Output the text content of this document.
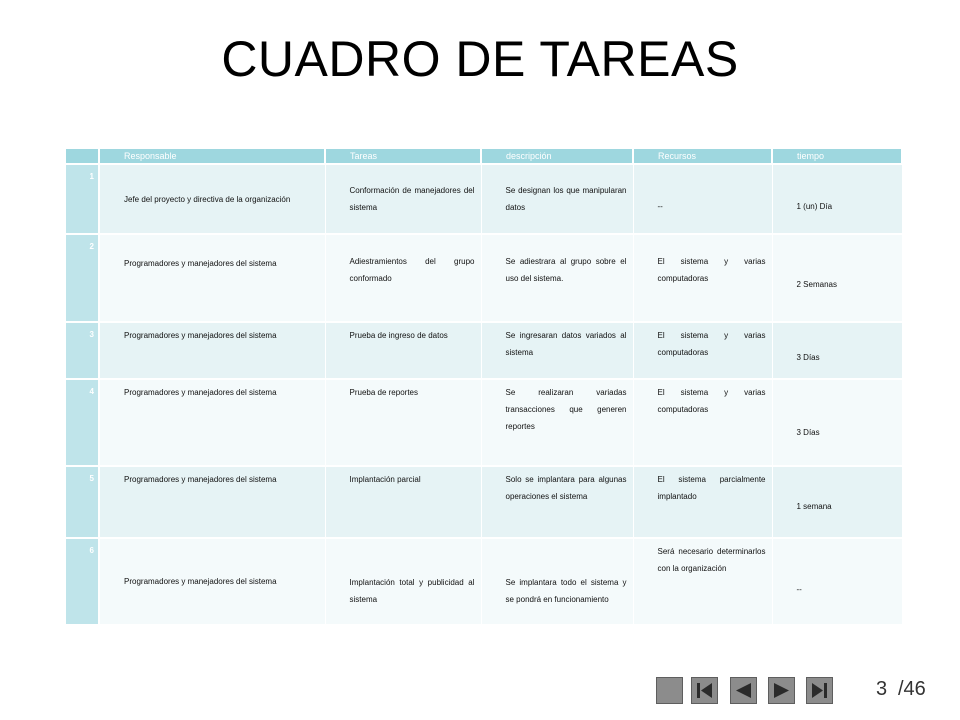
CUADRO DE TAREAS
	Responsable	Tareas	descripción	Recursos	tiempo
1	Jefe del proyecto y directiva de la organización	Conformación de manejadores del sistema	Se designan los que manipularan datos	--	1 (un) Día
2	Programadores y manejadores del sistema	Adiestramientos del grupo conformado	Se adiestrara al grupo sobre el uso del sistema.	El sistema y varias computadoras	2 Semanas
3	Programadores y manejadores del sistema	Prueba de ingreso de datos	Se ingresaran datos variados al sistema	El sistema y varias computadoras	3 Días
4	Programadores y manejadores del sistema	Prueba de reportes	Se realizaran variadas transacciones que generen reportes	El sistema y varias computadoras	3 Días
5	Programadores y manejadores del sistema	Implantación parcial	Solo se implantara para algunas operaciones el sistema	El sistema parcialmente implantado	1 semana
6	Programadores y manejadores del sistema	Implantación total y publicidad al sistema	Se implantara todo el sistema y se pondrá en funcionamiento	Será necesario determinarlos con la organización	--
3 /46
